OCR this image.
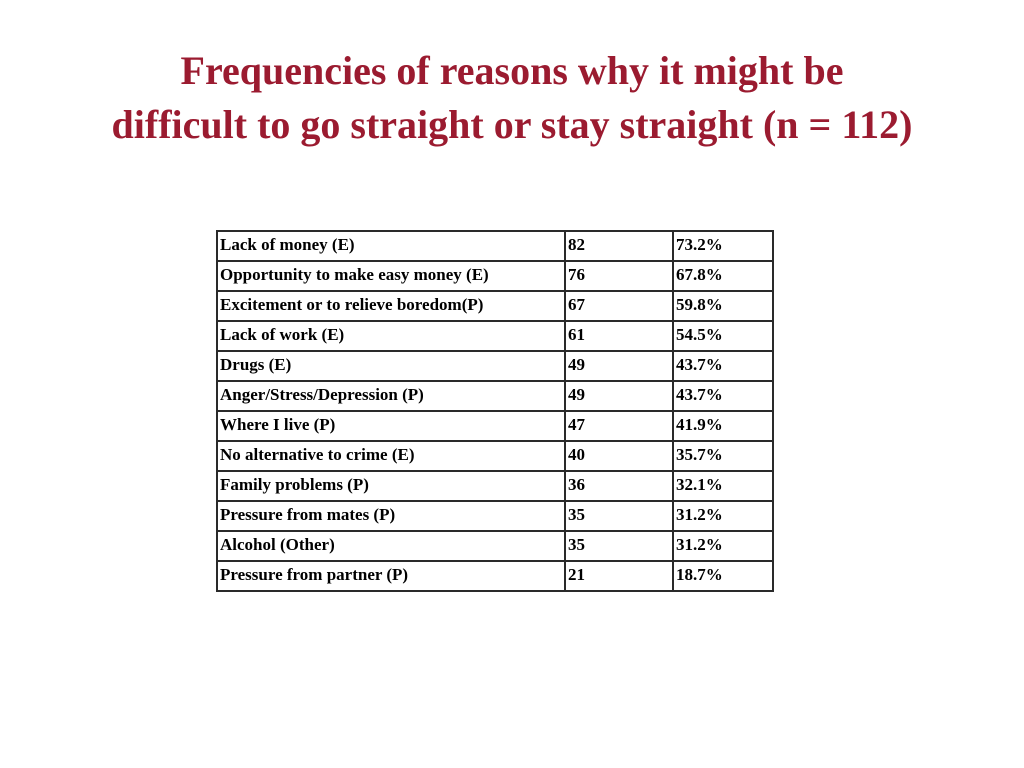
Frequencies of reasons why it might be
difficult to go straight or stay straight (n = 112)
Lack of money (E)	82	73.2%
Opportunity to make easy money (E)	76	67.8%
Excitement or to relieve boredom(P)	67	59.8%
Lack of work (E)	61	54.5%
Drugs (E)	49	43.7%
Anger/Stress/Depression (P)	49	43.7%
Where I live (P)	47	41.9%
No alternative to crime (E)	40	35.7%
Family problems (P)	36	32.1%
Pressure from mates (P)	35	31.2%
Alcohol (Other)	35	31.2%
Pressure from partner (P)	21	18.7%
